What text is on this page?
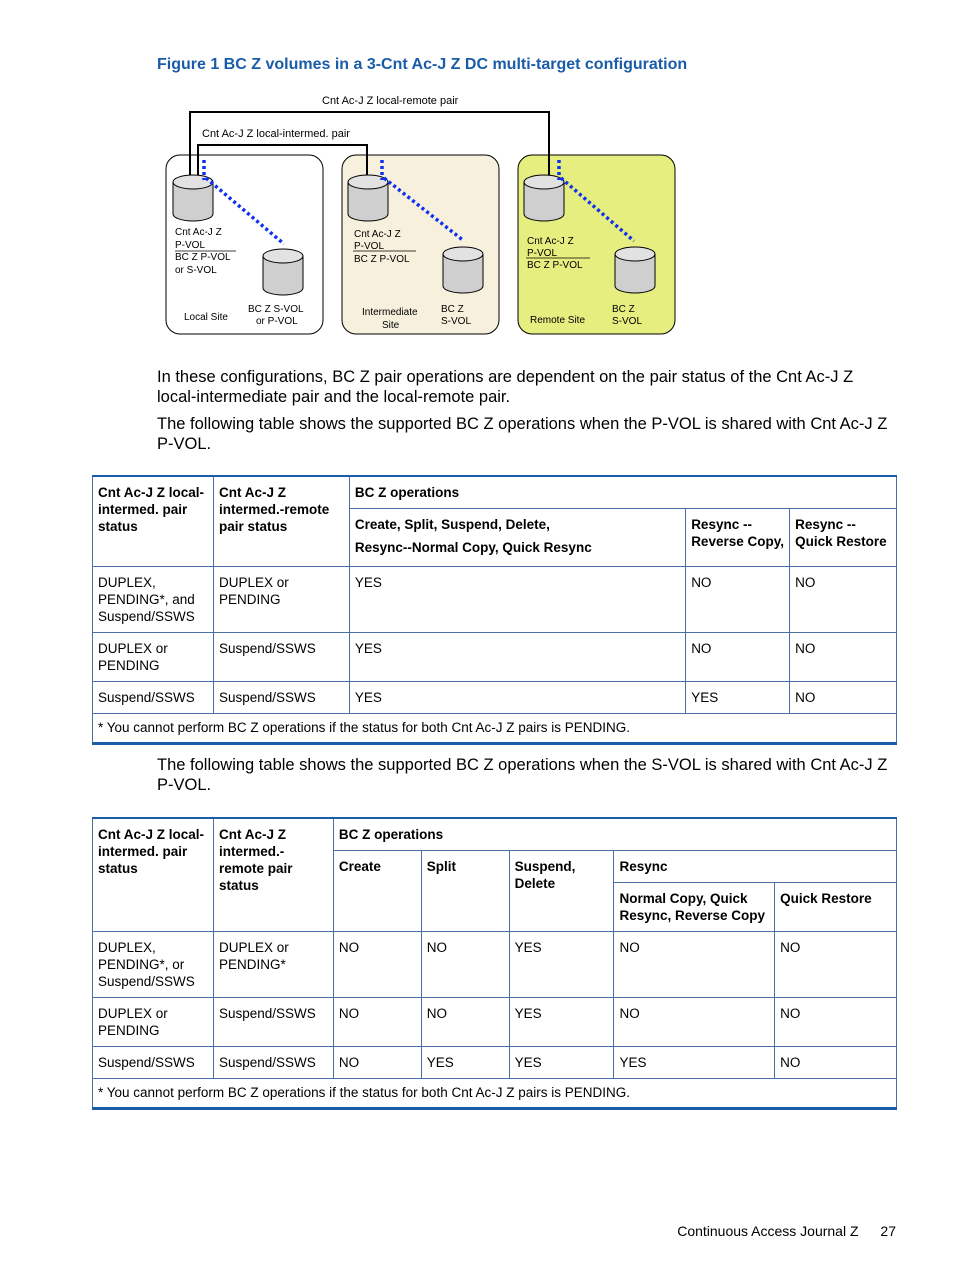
Figure 1 BC Z volumes in a 3-Cnt Ac-J Z DC multi-target configuration
Cnt Ac-J Z local-remote pair
Cnt Ac-J Z local-intermed. pair
Cnt Ac-J Z P-VOL BC Z P-VOL or S-VOL
BC Z S-VOL or P-VOL
Local Site
Cnt Ac-J Z P-VOL BC Z P-VOL
BC Z S-VOL
Intermediate Site
Cnt Ac-J Z P-VOL BC Z P-VOL
BC Z S-VOL
Remote Site
In these configurations, BC Z pair operations are dependent on the pair status of the Cnt Ac-J Z local-intermediate pair and the local-remote pair.
The following table shows the supported BC Z operations when the P-VOL is shared with Cnt Ac-J Z P-VOL.
Cnt Ac-J Z local-intermed. pair status	Cnt Ac-J Z intermed.-remote pair status	BC Z operations		
		Create, Split, Suspend, Delete,
Resync--Normal Copy, Quick Resync	Resync -- Reverse Copy,	Resync -- Quick Restore
DUPLEX, PENDING*, and Suspend/SSWS	DUPLEX or PENDING	YES	NO	NO
DUPLEX or PENDING	Suspend/SSWS	YES	NO	NO
Suspend/SSWS	Suspend/SSWS	YES	YES	NO
* You cannot perform BC Z operations if the status for both Cnt Ac-J Z pairs is PENDING.				
The following table shows the supported BC Z operations when the S-VOL is shared with Cnt Ac-J Z P-VOL.
Cnt Ac-J Z local-intermed. pair status	Cnt Ac-J Z intermed.-remote pair status	BC Z operations				
		Create	Split	Suspend, Delete	Resync	
					Normal Copy, Quick Resync, Reverse Copy	Quick Restore
DUPLEX, PENDING*, or Suspend/SSWS	DUPLEX or PENDING*	NO	NO	YES	NO	NO
DUPLEX or PENDING	Suspend/SSWS	NO	NO	YES	NO	NO
Suspend/SSWS	Suspend/SSWS	NO	YES	YES	YES	NO
* You cannot perform BC Z operations if the status for both Cnt Ac-J Z pairs is PENDING.						
Continuous Access Journal Z 27
